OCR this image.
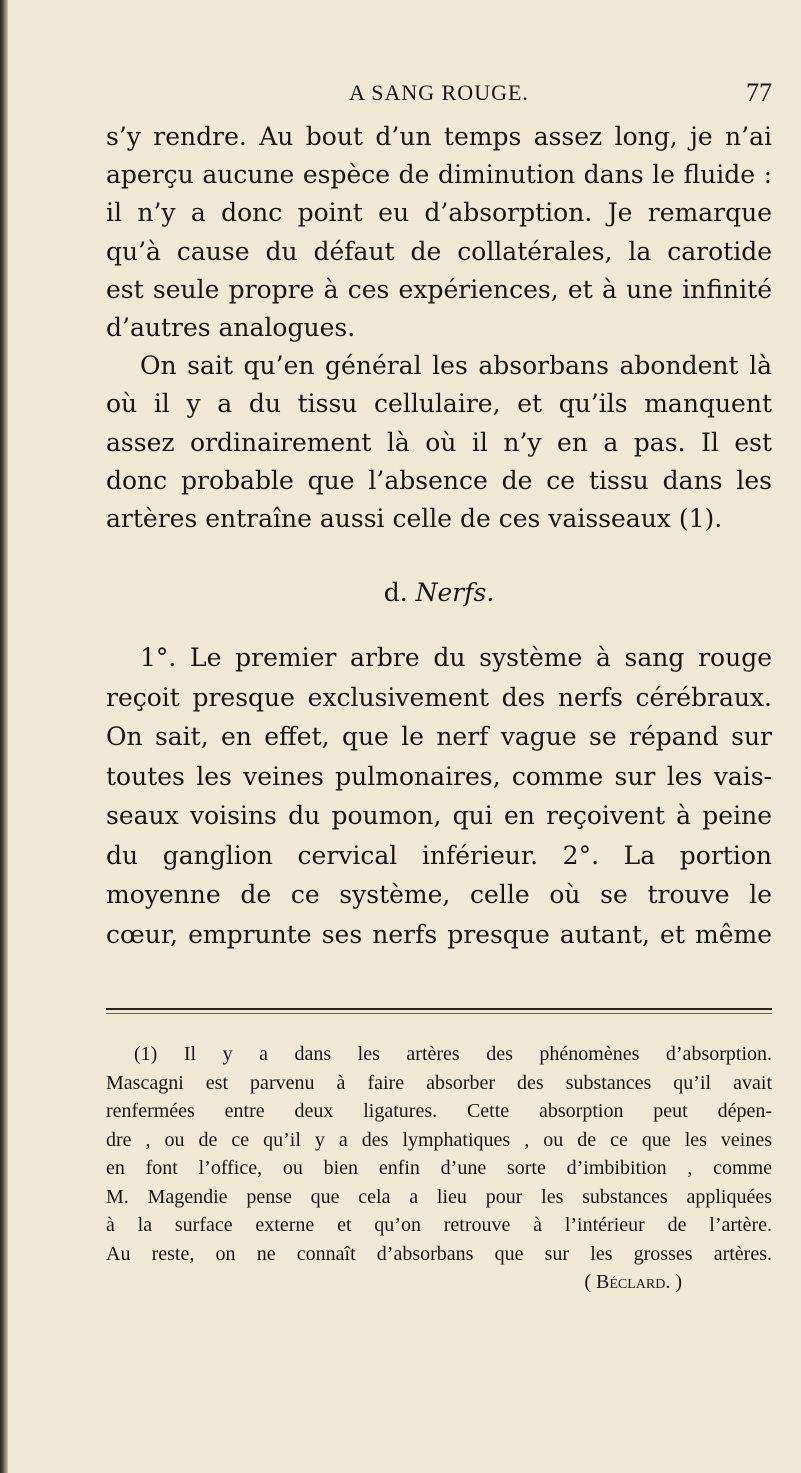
A SANG ROUGE.	77

s’y rendre. Au bout d’un temps assez long, je n’ai
aperçu aucune espèce de diminution dans le fluide :
il n’y a donc point eu d’absorption. Je remarque
qu’à cause du défaut de collatérales, la carotide
est seule propre à ces expériences, et à une infinité
d’autres analogues.

On sait qu’en général les absorbans abondent là
où il y a du tissu cellulaire, et qu’ils manquent
assez ordinairement là où il n’y en a pas. Il est
donc probable que l’absence de ce tissu dans les
artères entraîne aussi celle de ces vaisseaux (1).

d. Nerfs.

1°. Le premier arbre du système à sang rouge
reçoit presque exclusivement des nerfs cérébraux.
On sait, en effet, que le nerf vague se répand sur
toutes les veines pulmonaires, comme sur les vais-
seaux voisins du poumon, qui en reçoivent à peine
du ganglion cervical inférieur. 2°. La portion
moyenne de ce système, celle où se trouve le
cœur, emprunte ses nerfs presque autant, et même

(1) Il y a dans les artères des phénomènes d’absorption.
Mascagni est parvenu à faire absorber des substances qu’il avait
renfermées entre deux ligatures. Cette absorption peut dépen-
dre , ou de ce qu’il y a des lymphatiques , ou de ce que les veines
en font l’office, ou bien enfin d’une sorte d’imbibition , comme
M. Magendie pense que cela a lieu pour les substances appliquées
à la surface externe et qu’on retrouve à l’intérieur de l’artère.
Au reste, on ne connaît d’absorbans que sur les grosses artères.
( Béclard. )
